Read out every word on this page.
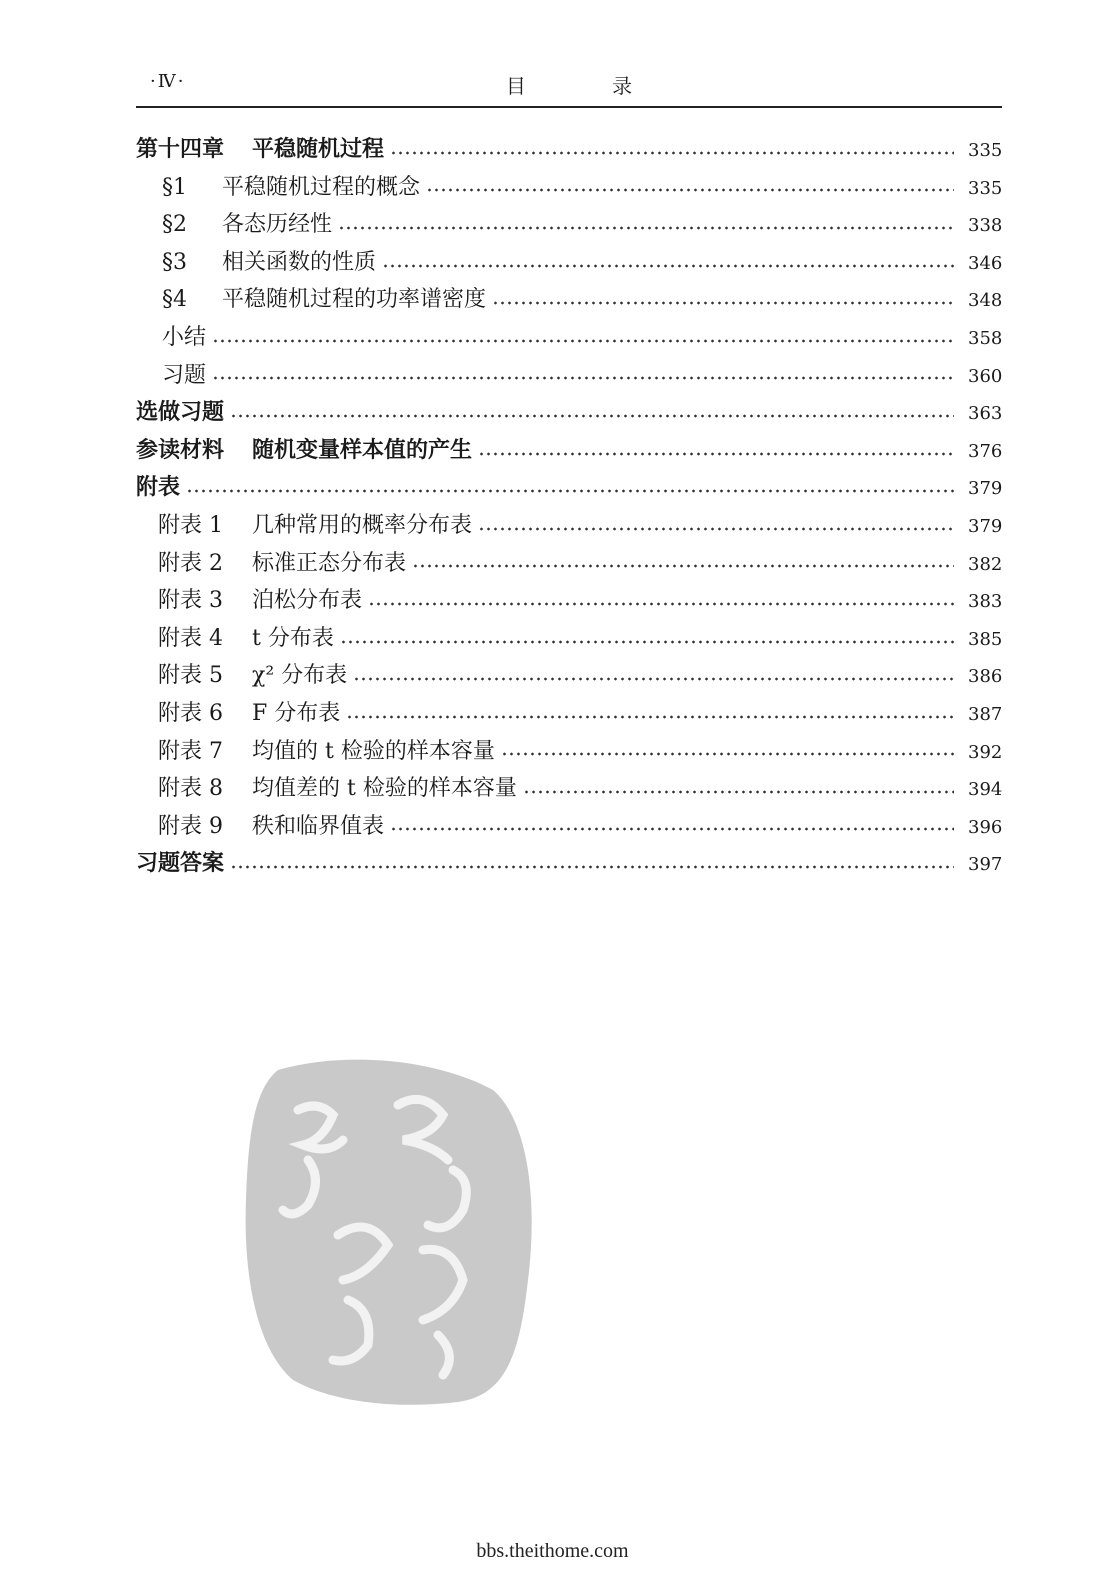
·Ⅳ·	目 录
第十四章 平稳随机过程	335
§1	平稳随机过程的概念	335
§2	各态历经性	338
§3	相关函数的性质	346
§4	平稳随机过程的功率谱密度	348
小结	358
习题	360
选做习题	363
参读材料 随机变量样本值的产生	376
附表	379
附表 1	几种常用的概率分布表	379
附表 2	标准正态分布表	382
附表 3	泊松分布表	383
附表 4	t 分布表	385
附表 5	χ² 分布表	386
附表 6	F 分布表	387
附表 7	均值的 t 检验的样本容量	392
附表 8	均值差的 t 检验的样本容量	394
附表 9	秩和临界值表	396
习题答案	397
bbs.theithome.com
